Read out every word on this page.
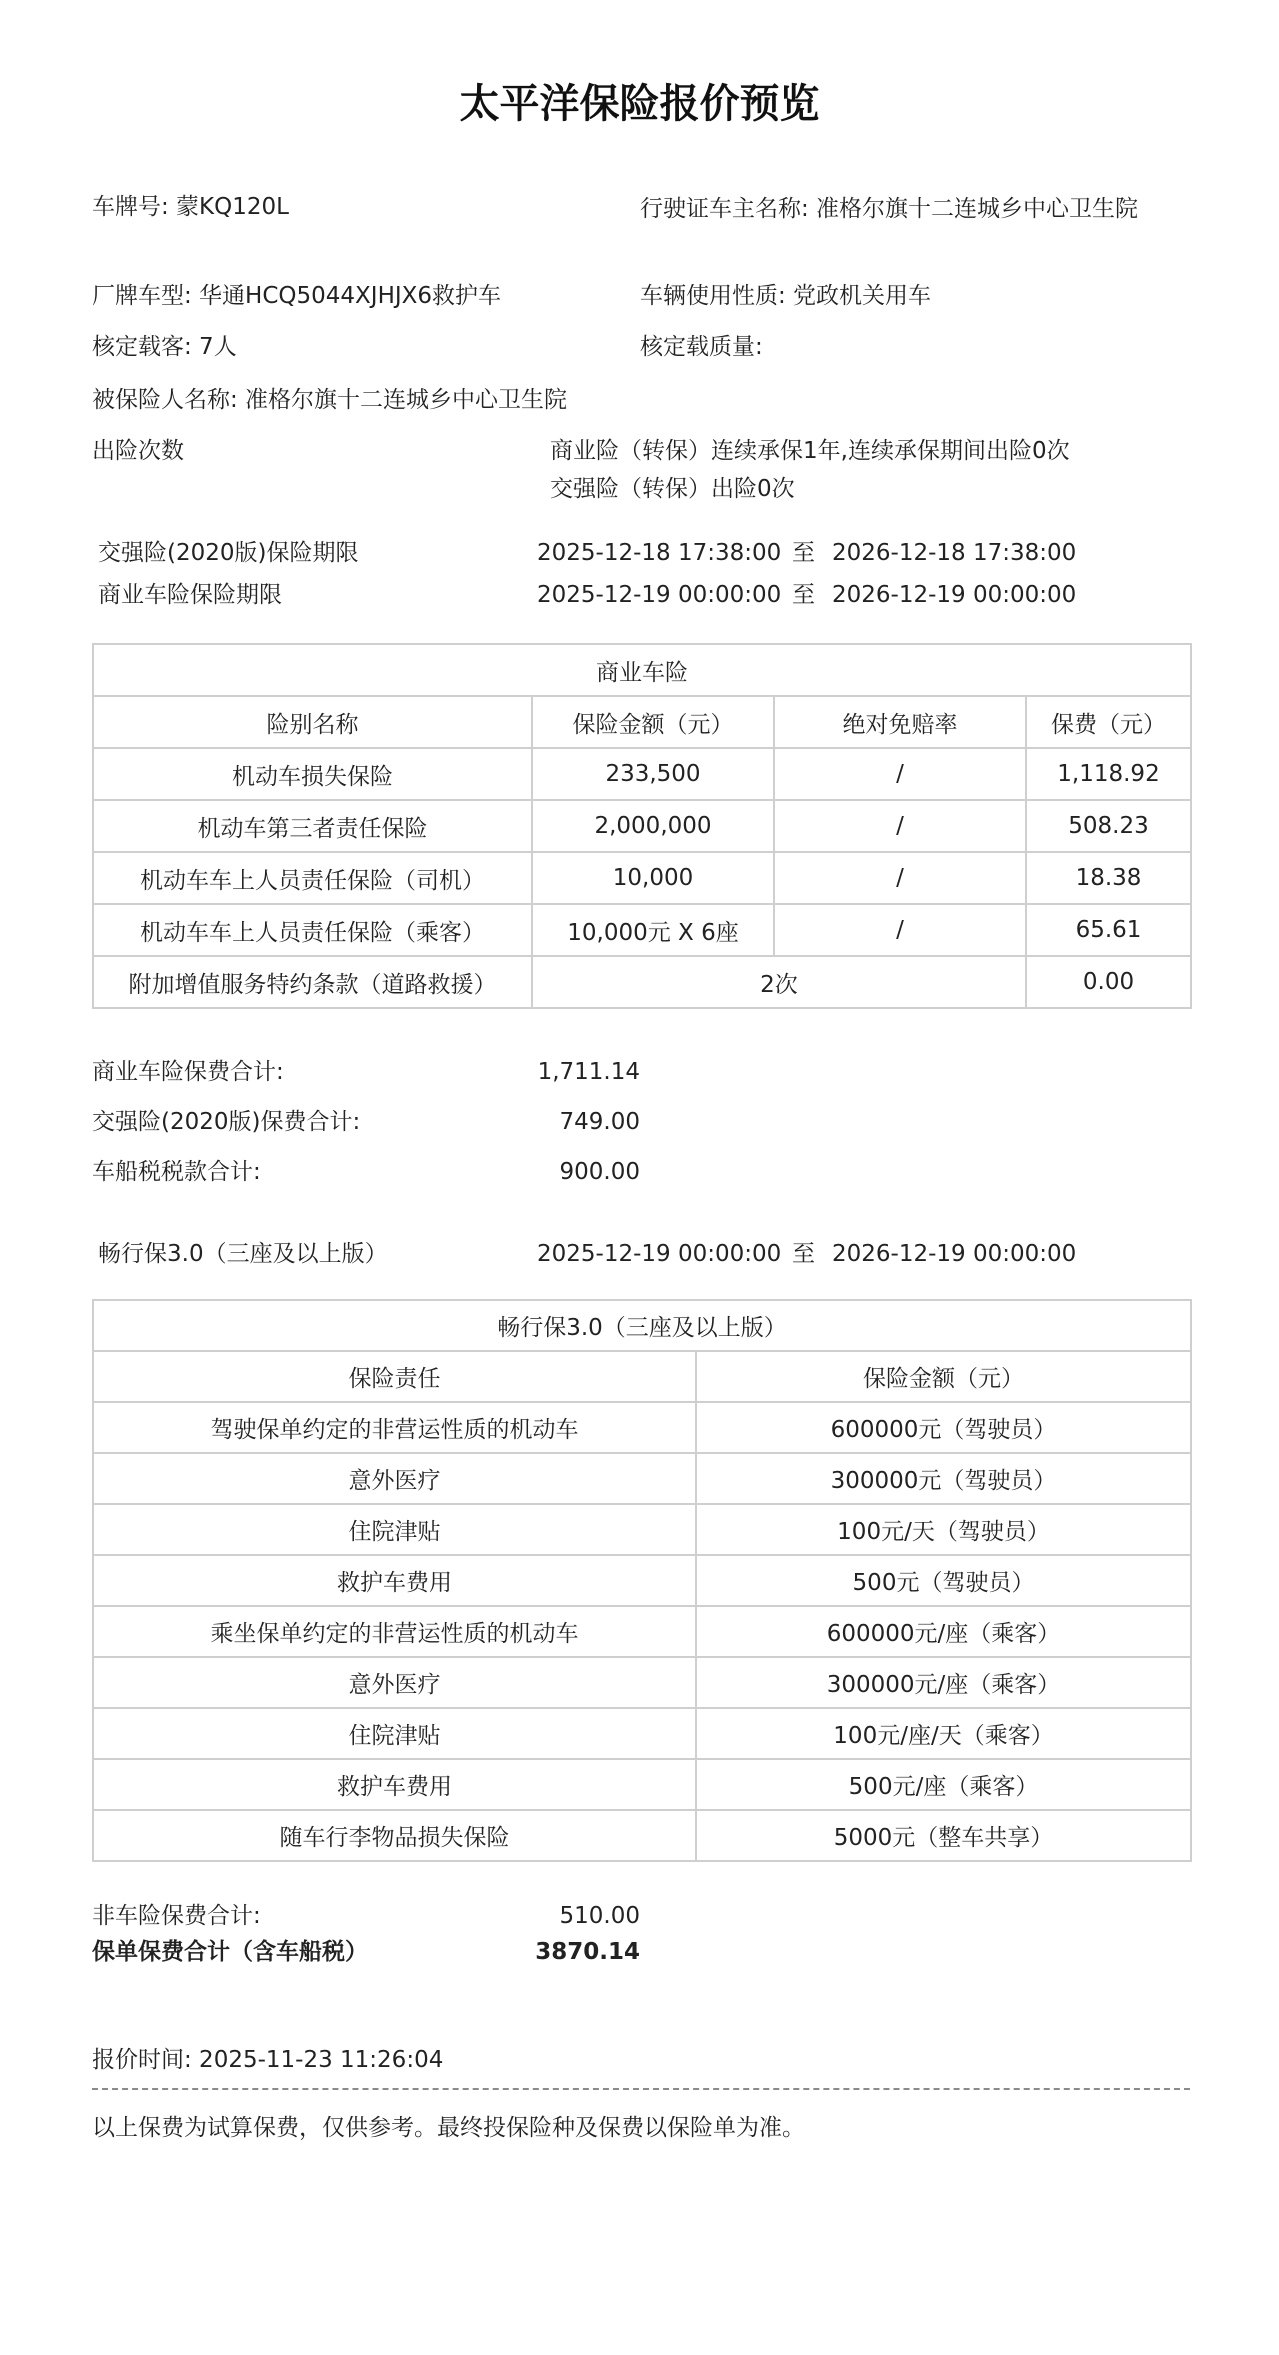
太平洋保险报价预览
车牌号: 蒙KQ120L	行驶证车主名称: 准格尔旗十二连城乡中心卫生院
厂牌车型: 华通HCQ5044XJHJX6救护车	车辆使用性质: 党政机关用车
核定载客: 7人	核定载质量:
被保险人名称: 准格尔旗十二连城乡中心卫生院
出险次数	商业险（转保）连续承保1年,连续承保期间出险0次
交强险（转保）出险0次
交强险(2020版)保险期限	2025-12-18 17:38:00 至 2026-12-18 17:38:00
商业车险保险期限	2025-12-19 00:00:00 至 2026-12-19 00:00:00
商业车险			
险别名称	保险金额（元）	绝对免赔率	保费（元）
机动车损失保险	233,500	/	1,118.92
机动车第三者责任保险	2,000,000	/	508.23
机动车车上人员责任保险（司机）	10,000	/	18.38
机动车车上人员责任保险（乘客）	10,000元 X 6座	/	65.61
附加增值服务特约条款（道路救援）	2次		0.00
商业车险保费合计:	1,711.14
交强险(2020版)保费合计:	749.00
车船税税款合计:	900.00
畅行保3.0（三座及以上版）	2025-12-19 00:00:00 至 2026-12-19 00:00:00
畅行保3.0（三座及以上版）	
保险责任	保险金额（元）
驾驶保单约定的非营运性质的机动车	600000元（驾驶员）
意外医疗	300000元（驾驶员）
住院津贴	100元/天（驾驶员）
救护车费用	500元（驾驶员）
乘坐保单约定的非营运性质的机动车	600000元/座（乘客）
意外医疗	300000元/座（乘客）
住院津贴	100元/座/天（乘客）
救护车费用	500元/座（乘客）
随车行李物品损失保险	5000元（整车共享）
非车险保费合计:	510.00
保单保费合计（含车船税）	3870.14
报价时间: 2025-11-23 11:26:04
以上保费为试算保费，仅供参考。最终投保险种及保费以保险单为准。
